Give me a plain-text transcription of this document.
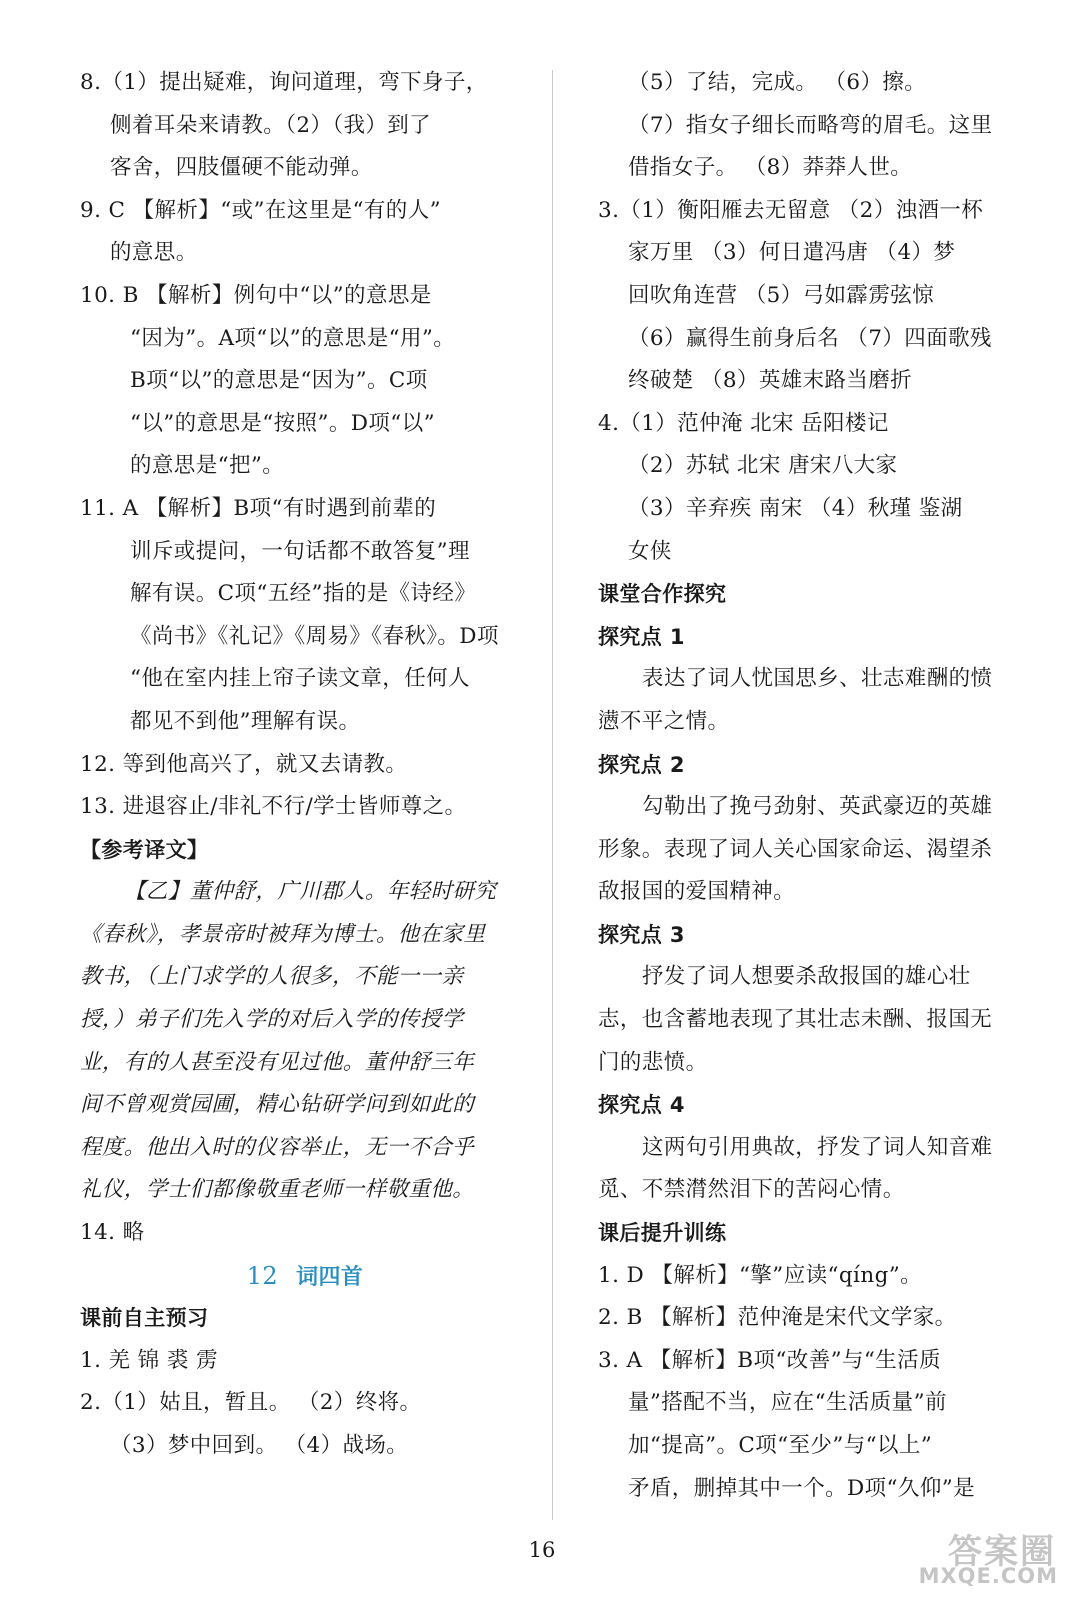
8.（1）提出疑难，询问道理，弯下身子，
侧着耳朵来请教。（2）（我）到了
客舍，四肢僵硬不能动弹。
9. C 【解析】“或”在这里是“有的人”
的意思。
10. B 【解析】例句中“以”的意思是
“因为”。A项“以”的意思是“用”。
B项“以”的意思是“因为”。C项
“以”的意思是“按照”。D项“以”
的意思是“把”。
11. A 【解析】B项“有时遇到前辈的
训斥或提问，一句话都不敢答复”理
解有误。C项“五经”指的是《诗经》
《尚书》《礼记》《周易》《春秋》。D项
“他在室内挂上帘子读文章，任何人
都见不到他”理解有误。
12. 等到他高兴了，就又去请教。
13. 进退容止/非礼不行/学士皆师尊之。
【参考译文】
【乙】董仲舒，广川郡人。年轻时研究
《春秋》，孝景帝时被拜为博士。他在家里
教书，（上门求学的人很多，不能一一亲
授，）弟子们先入学的对后入学的传授学
业，有的人甚至没有见过他。董仲舒三年
间不曾观赏园圃，精心钻研学问到如此的
程度。他出入时的仪容举止，无一不合乎
礼仪，学士们都像敬重老师一样敬重他。
14. 略
12 词四首
课前自主预习
1. 羌 锦 裘 雳
2.（1）姑且，暂且。 （2）终将。
（3）梦中回到。 （4）战场。
（5）了结，完成。 （6）擦。
（7）指女子细长而略弯的眉毛。这里
借指女子。 （8）莽莽人世。
3.（1）衡阳雁去无留意 （2）浊酒一杯
家万里 （3）何日遣冯唐 （4）梦
回吹角连营 （5）弓如霹雳弦惊
（6）赢得生前身后名 （7）四面歌残
终破楚 （8）英雄末路当磨折
4.（1）范仲淹 北宋 岳阳楼记
（2）苏轼 北宋 唐宋八大家
（3）辛弃疾 南宋 （4）秋瑾 鉴湖
女侠
课堂合作探究
探究点 1
表达了词人忧国思乡、壮志难酬的愤
懑不平之情。
探究点 2
勾勒出了挽弓劲射、英武豪迈的英雄
形象。表现了词人关心国家命运、渴望杀
敌报国的爱国精神。
探究点 3
抒发了词人想要杀敌报国的雄心壮
志，也含蓄地表现了其壮志未酬、报国无
门的悲愤。
探究点 4
这两句引用典故，抒发了词人知音难
觅、不禁潸然泪下的苦闷心情。
课后提升训练
1. D 【解析】“擎”应读“qíng”。
2. B 【解析】范仲淹是宋代文学家。
3. A 【解析】B项“改善”与“生活质
量”搭配不当，应在“生活质量”前
加“提高”。C项“至少”与“以上”
矛盾，删掉其中一个。D项“久仰”是
16	答案圈
MXQE.COM
